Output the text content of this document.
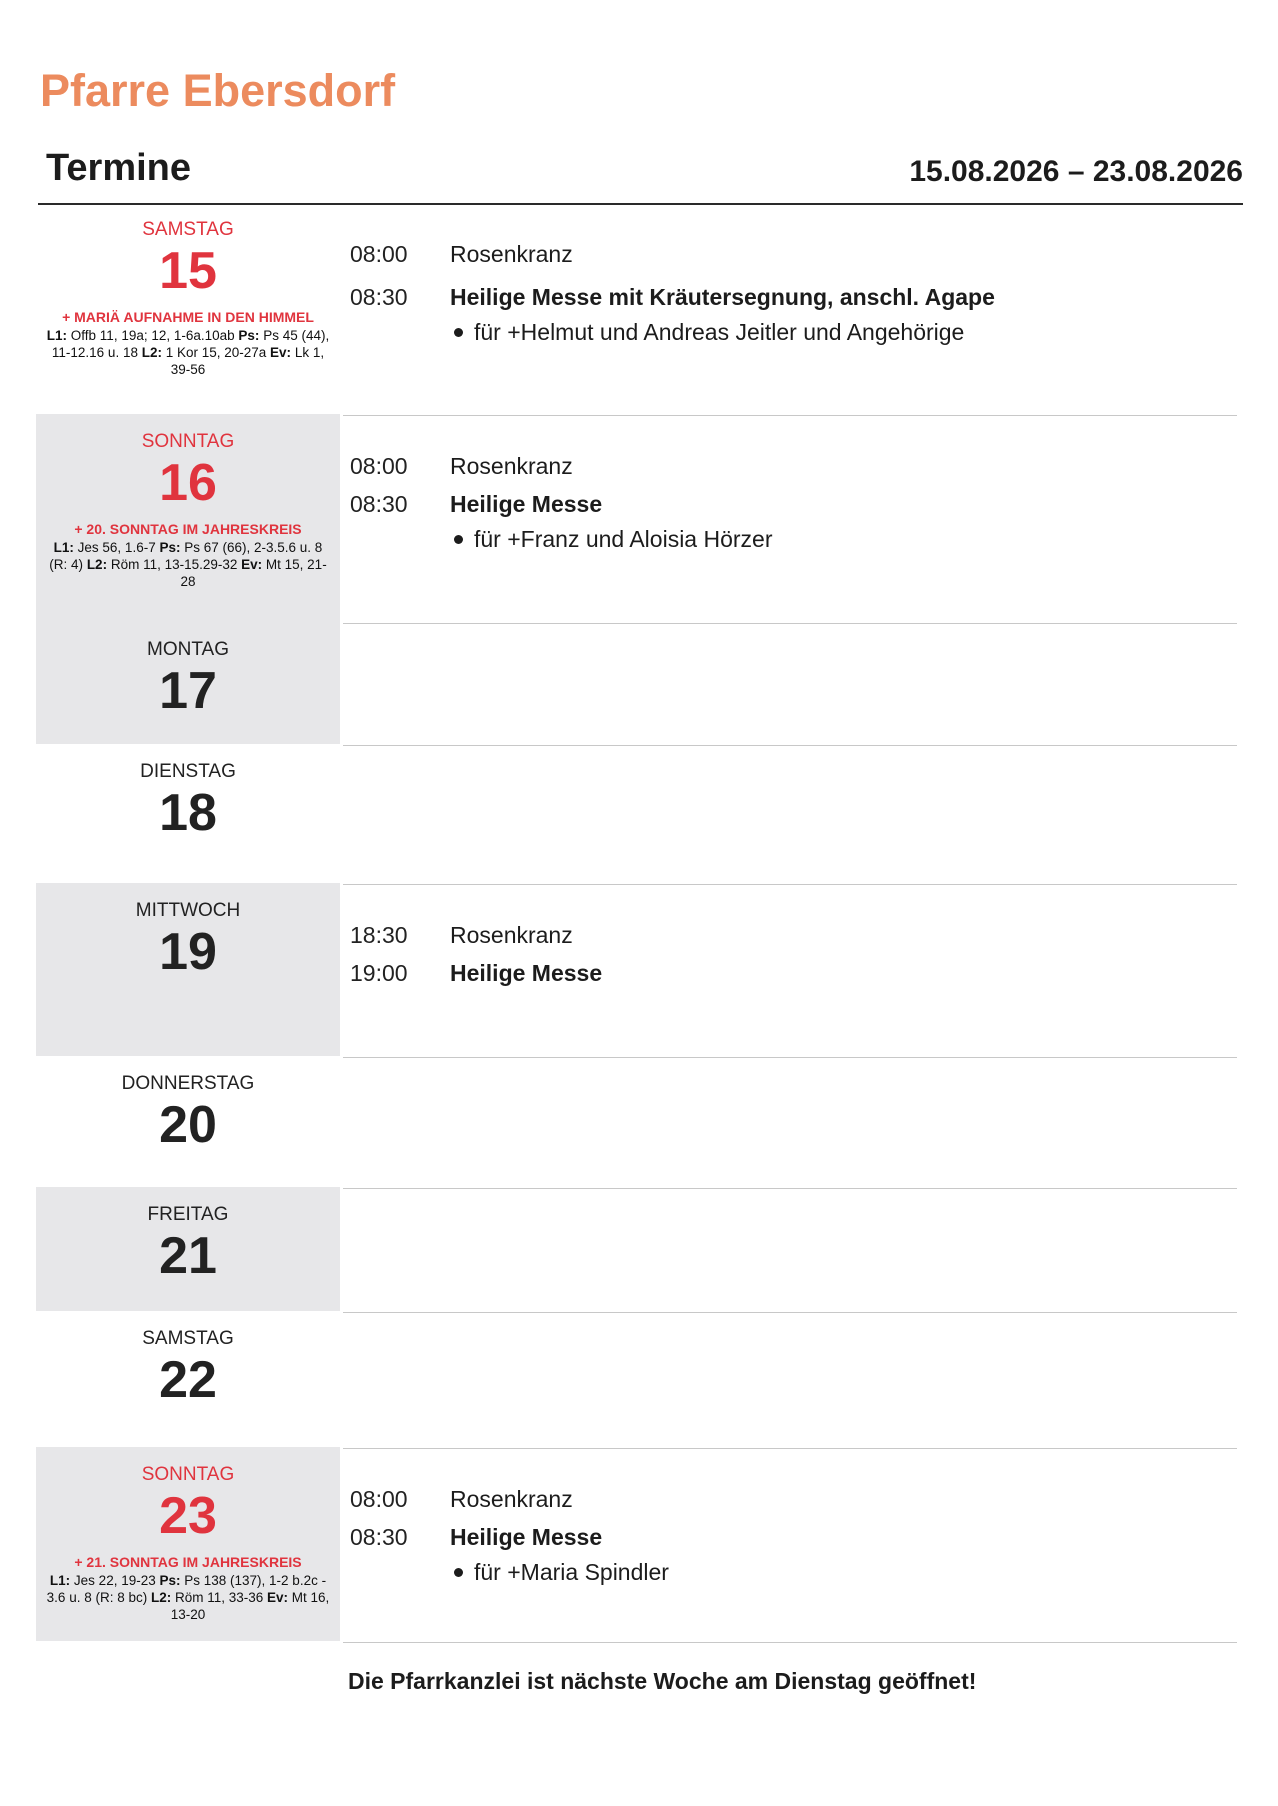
Pfarre Ebersdorf
Termine	15.08.2026 – 23.08.2026
SAMSTAG
15
+ MARIÄ AUFNAHME IN DEN HIMMEL
L1: Offb 11, 19a; 12, 1-6a.10ab Ps: Ps 45 (44),
11-12.16 u. 18 L2: 1 Kor 15, 20-27a Ev: Lk 1,
39-56
08:00 Rosenkranz
08:30 Heilige Messe mit Kräutersegnung, anschl. Agape
für +Helmut und Andreas Jeitler und Angehörige
SONNTAG
16
+ 20. SONNTAG IM JAHRESKREIS
L1: Jes 56, 1.6-7 Ps: Ps 67 (66), 2-3.5.6 u. 8
(R: 4) L2: Röm 11, 13-15.29-32 Ev: Mt 15, 21-
28
08:00 Rosenkranz
08:30 Heilige Messe
für +Franz und Aloisia Hörzer
MONTAG
17
DIENSTAG
18
MITTWOCH
19	18:30 Rosenkranz
19:00 Heilige Messe
DONNERSTAG
20
FREITAG
21
SAMSTAG
22
SONNTAG
23
+ 21. SONNTAG IM JAHRESKREIS
L1: Jes 22, 19-23 Ps: Ps 138 (137), 1-2 b.2c -
3.6 u. 8 (R: 8 bc) L2: Röm 11, 33-36 Ev: Mt 16,
13-20
08:00 Rosenkranz
08:30 Heilige Messe
für +Maria Spindler
Die Pfarrkanzlei ist nächste Woche am Dienstag geöffnet!
